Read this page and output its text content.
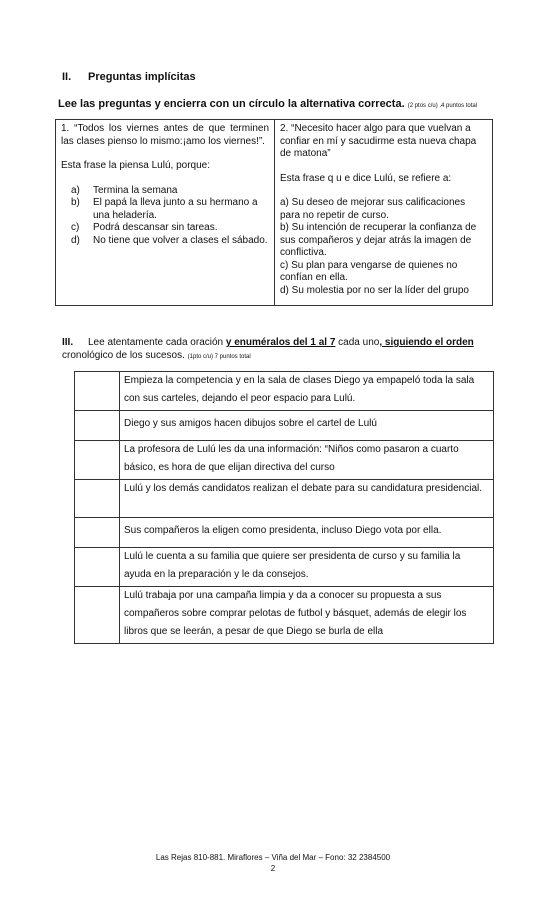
II. Preguntas implícitas
Lee las preguntas y encierra con un círculo la alternativa correcta. (2 ptos c/u) .4 puntos total
1. “Todos los viernes antes de que terminen las clases pienso lo mismo:¡amo los viernes!”.
Esta frase la piensa Lulú, porque:
a) Termina la semana
b) El papá la lleva junto a su hermano a una heladería.
c) Podrá descansar sin tareas.
d) No tiene que volver a clases el sábado.

2. “Necesito hacer algo para que vuelvan a confiar en mí y sacudirme esta nueva chapa de matona”
Esta frase q u e dice Lulú, se refiere a:

a) Su deseo de mejorar sus calificaciones para no repetir de curso.

b) Su intención de recuperar la confianza de sus compañeros y dejar atrás la imagen de conflictiva.

c) Su plan para vengarse de quienes no confían en ella.

d) Su molestia por no ser la líder del grupo

III. Lee atentamente cada oración y enuméralos del 1 al 7 cada uno, siguiendo el orden cronológico de los sucesos. (1pto c/u) 7 puntos total
	Empieza la competencia y en la sala de clases Diego ya empapeló toda la sala con sus carteles, dejando el peor espacio para Lulú.
	Diego y sus amigos hacen dibujos sobre el cartel de Lulú
	La profesora de Lulú les da una información: “Niños como pasaron a cuarto básico, es hora de que elijan directiva del curso
	Lulú y los demás candidatos realizan el debate para su candidatura presidencial.
	Sus compañeros la eligen como presidenta, incluso Diego vota por ella.
	Lulú le cuenta a su familia que quiere ser presidenta de curso y su familia la ayuda en la preparación y le da consejos.
	Lulú trabaja por una campaña limpia y da a conocer su propuesta a sus compañeros sobre comprar pelotas de futbol y básquet, además de elegir los libros que se leerán, a pesar de que Diego se burla de ella
Las Rejas 810-881. Miraflores – Viña del Mar – Fono: 32 2384500
2
